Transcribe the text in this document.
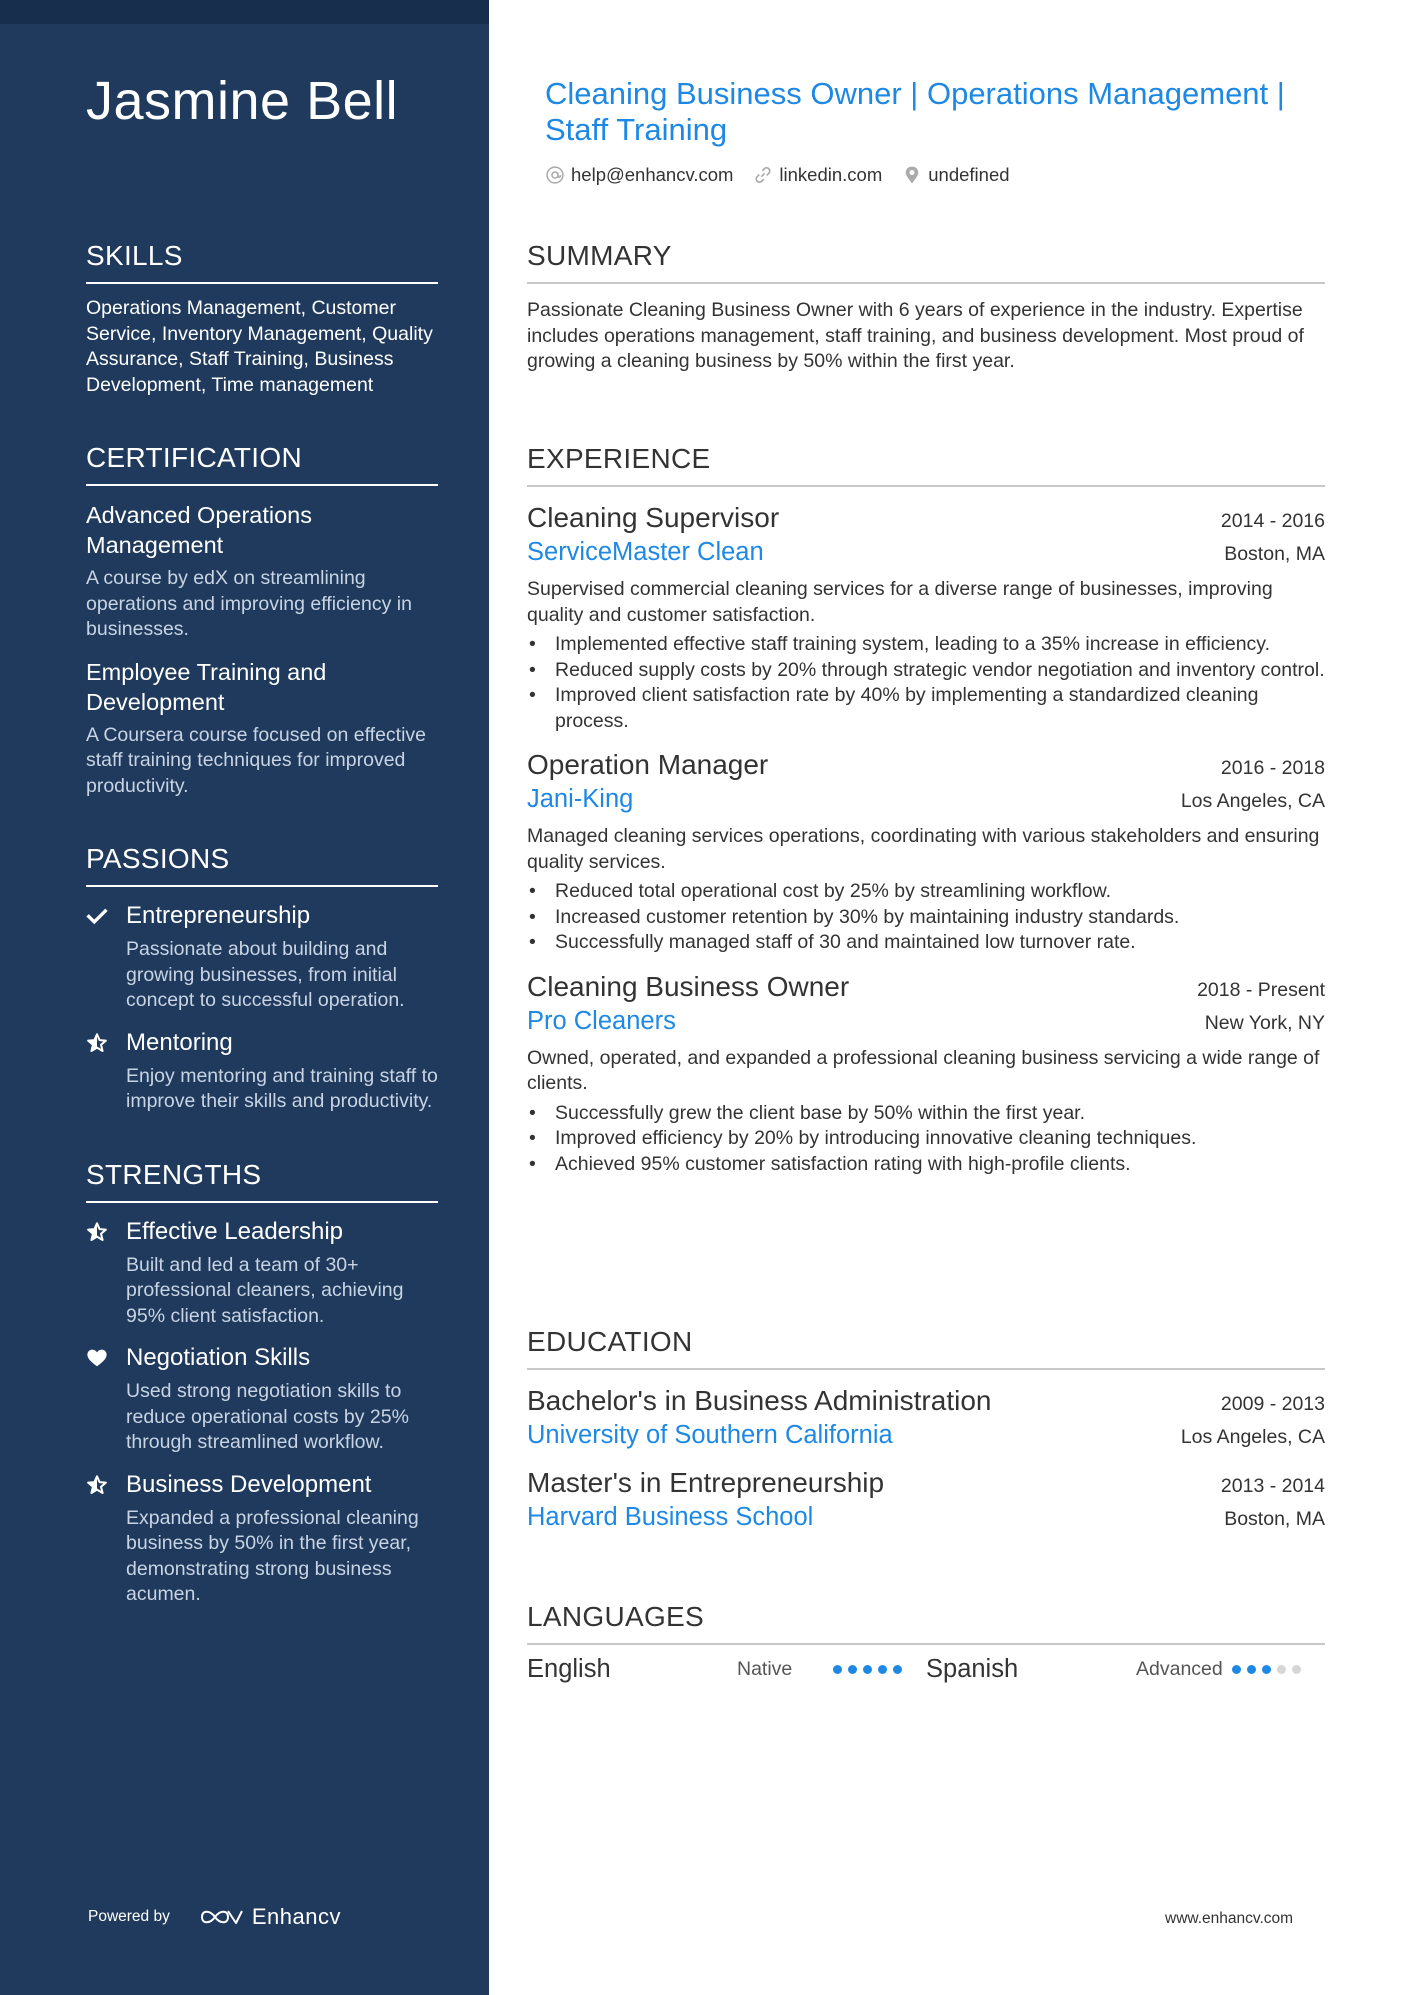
Jasmine Bell
SKILLS
Operations Management, Customer Service, Inventory Management, Quality Assurance, Staff Training, Business Development, Time management
CERTIFICATION
Advanced Operations Management
A course by edX on streamlining operations and improving efficiency in businesses.
Employee Training and Development
A Coursera course focused on effective staff training techniques for improved productivity.
PASSIONS
Entrepreneurship
Passionate about building and growing businesses, from initial concept to successful operation.
Mentoring
Enjoy mentoring and training staff to improve their skills and productivity.
STRENGTHS
Effective Leadership
Built and led a team of 30+ professional cleaners, achieving 95% client satisfaction.
Negotiation Skills
Used strong negotiation skills to reduce operational costs by 25% through streamlined workflow.
Business Development
Expanded a professional cleaning business by 50% in the first year, demonstrating strong business acumen.
Powered by	Enhancv
Cleaning Business Owner | Operations Management | Staff Training
help@enhancv.com linkedin.com undefined
SUMMARY
Passionate Cleaning Business Owner with 6 years of experience in the industry. Expertise includes operations management, staff training, and business development. Most proud of growing a cleaning business by 50% within the first year.
EXPERIENCE
Cleaning Supervisor	2014 - 2016
ServiceMaster Clean	Boston, MA
Supervised commercial cleaning services for a diverse range of businesses, improving quality and customer satisfaction.
• Implemented effective staff training system, leading to a 35% increase in efficiency.
• Reduced supply costs by 20% through strategic vendor negotiation and inventory control.
• Improved client satisfaction rate by 40% by implementing a standardized cleaning process.
Operation Manager	2016 - 2018
Jani-King	Los Angeles, CA
Managed cleaning services operations, coordinating with various stakeholders and ensuring quality services.
• Reduced total operational cost by 25% by streamlining workflow.
• Increased customer retention by 30% by maintaining industry standards.
• Successfully managed staff of 30 and maintained low turnover rate.
Cleaning Business Owner	2018 - Present
Pro Cleaners	New York, NY
Owned, operated, and expanded a professional cleaning business servicing a wide range of clients.
• Successfully grew the client base by 50% within the first year.
• Improved efficiency by 20% by introducing innovative cleaning techniques.
• Achieved 95% customer satisfaction rating with high-profile clients.
EDUCATION
Bachelor's in Business Administration	2009 - 2013
University of Southern California	Los Angeles, CA
Master's in Entrepreneurship	2013 - 2014
Harvard Business School	Boston, MA
LANGUAGES
English	Native	Spanish	Advanced
www.enhancv.com
